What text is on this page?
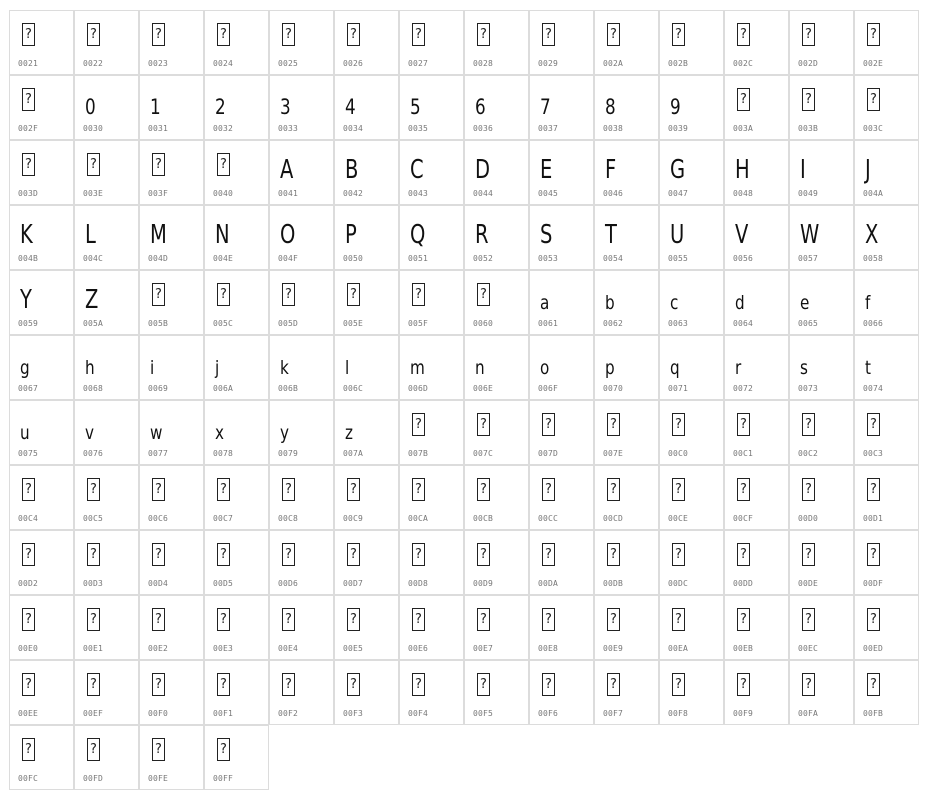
?
0021
?
0022
?
0023
?
0024
?
0025
?
0026
?
0027
?
0028
?
0029
?
002A
?
002B
?
002C
?
002D
?
002E
?
002F
0
0030
1
0031
2
0032
3
0033
4
0034
5
0035
6
0036
7
0037
8
0038
9
0039
?
003A
?
003B
?
003C
?
003D
?
003E
?
003F
?
0040
A
0041
B
0042
C
0043
D
0044
E
0045
F
0046
G
0047
H
0048
I
0049
J
004A
K
004B
L
004C
M
004D
N
004E
O
004F
P
0050
Q
0051
R
0052
S
0053
T
0054
U
0055
V
0056
W
0057
X
0058
Y
0059
Z
005A
?
005B
?
005C
?
005D
?
005E
?
005F
?
0060
a
0061
b
0062
c
0063
d
0064
e
0065
f
0066
g
0067
h
0068
i
0069
j
006A
k
006B
l
006C
m
006D
n
006E
o
006F
p
0070
q
0071
r
0072
s
0073
t
0074
u
0075
v
0076
w
0077
x
0078
y
0079
z
007A
?
007B
?
007C
?
007D
?
007E
?
00C0
?
00C1
?
00C2
?
00C3
?
00C4
?
00C5
?
00C6
?
00C7
?
00C8
?
00C9
?
00CA
?
00CB
?
00CC
?
00CD
?
00CE
?
00CF
?
00D0
?
00D1
?
00D2
?
00D3
?
00D4
?
00D5
?
00D6
?
00D7
?
00D8
?
00D9
?
00DA
?
00DB
?
00DC
?
00DD
?
00DE
?
00DF
?
00E0
?
00E1
?
00E2
?
00E3
?
00E4
?
00E5
?
00E6
?
00E7
?
00E8
?
00E9
?
00EA
?
00EB
?
00EC
?
00ED
?
00EE
?
00EF
?
00F0
?
00F1
?
00F2
?
00F3
?
00F4
?
00F5
?
00F6
?
00F7
?
00F8
?
00F9
?
00FA
?
00FB
?
00FC
?
00FD
?
00FE
?
00FF
